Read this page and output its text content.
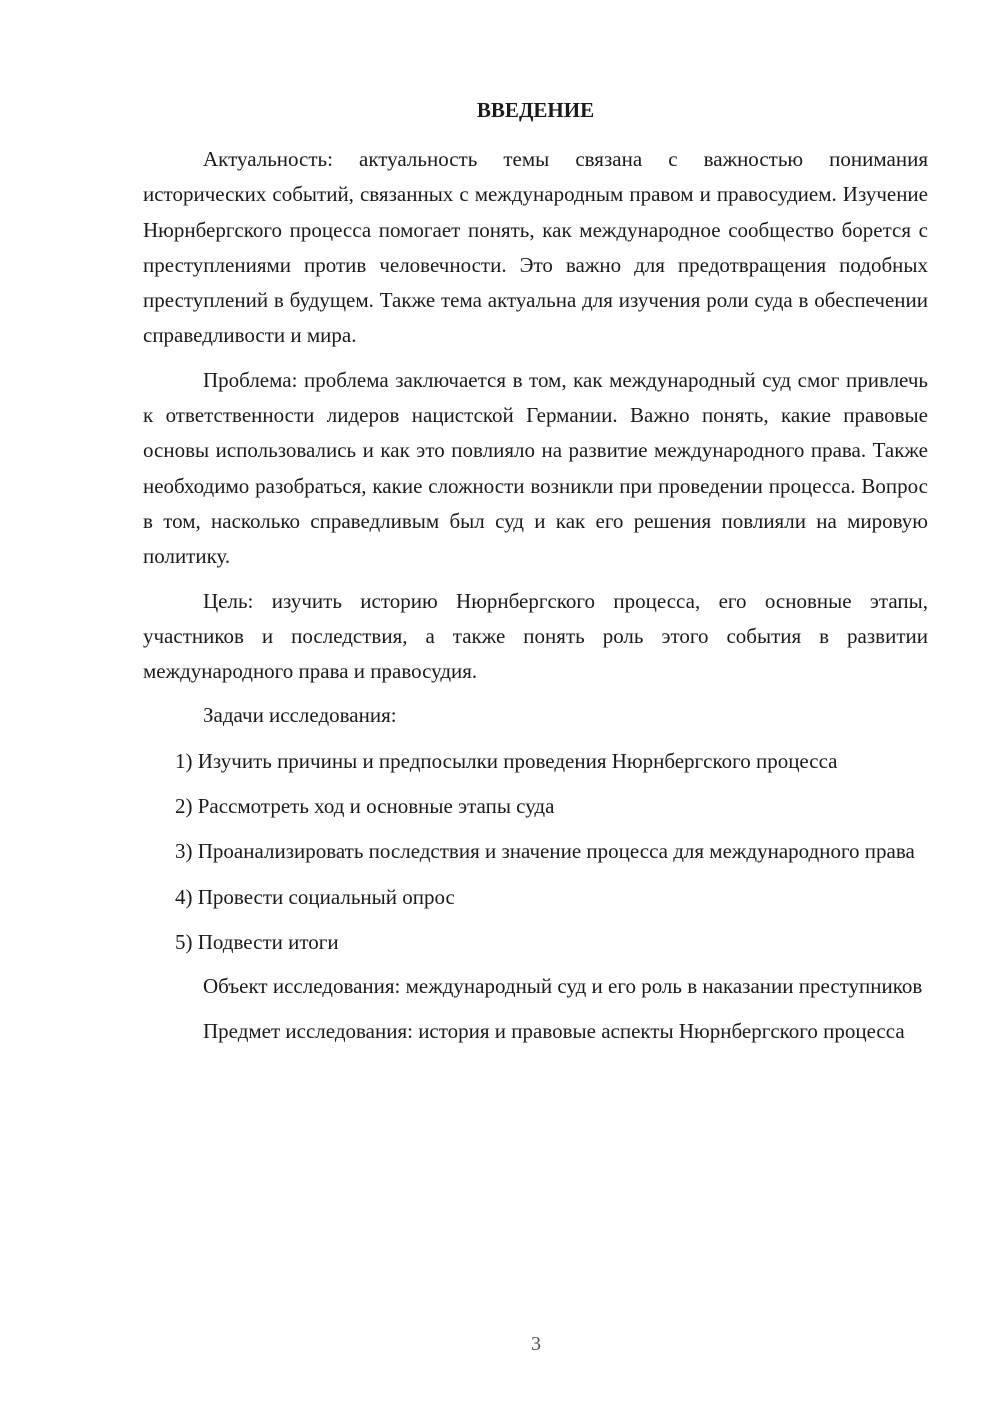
ВВЕДЕНИЕ

Актуальность: актуальность темы связана с важностью понимания исторических событий, связанных с международным правом и правосудием. Изучение Нюрнбергского процесса помогает понять, как международное сообщество борется с преступлениями против человечности. Это важно для предотвращения подобных преступлений в будущем. Также тема актуальна для изучения роли суда в обеспечении справедливости и мира.

Проблема: проблема заключается в том, как международный суд смог привлечь к ответственности лидеров нацистской Германии. Важно понять, какие правовые основы использовались и как это повлияло на развитие международного права. Также необходимо разобраться, какие сложности возникли при проведении процесса. Вопрос в том, насколько справедливым был суд и как его решения повлияли на мировую политику.

Цель: изучить историю Нюрнбергского процесса, его основные этапы, участников и последствия, а также понять роль этого события в развитии международного права и правосудия.

Задачи исследования:

1) Изучить причины и предпосылки проведения Нюрнбергского процесса

2) Рассмотреть ход и основные этапы суда

3) Проанализировать последствия и значение процесса для международного права

4) Провести социальный опрос

5) Подвести итоги

Объект исследования: международный суд и его роль в наказании преступников

Предмет исследования: история и правовые аспекты Нюрнбергского процесса

3
